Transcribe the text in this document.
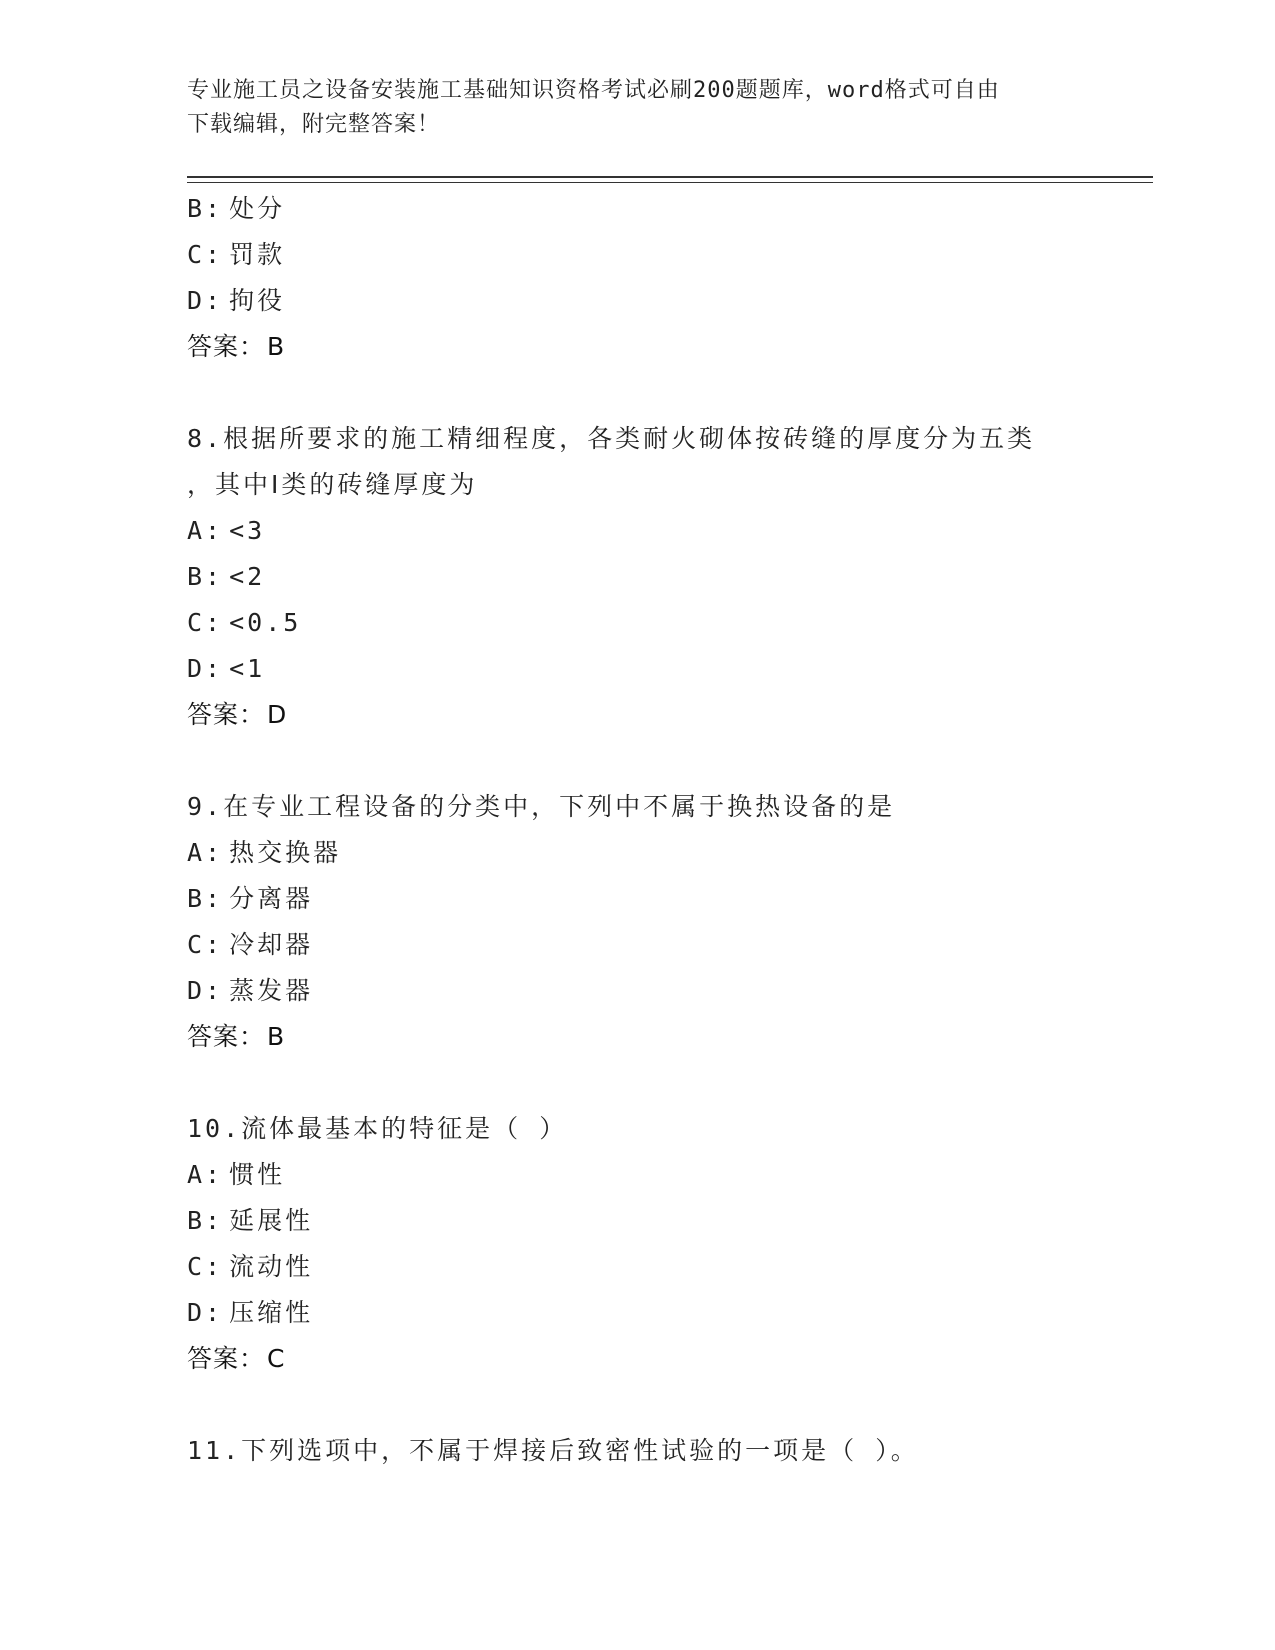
专业施工员之设备安装施工基础知识资格考试必刷200题题库，word格式可自由
下载编辑，附完整答案！
B: 处分
C: 罚款
D: 拘役
答案：B
8.根据所要求的施工精细程度，各类耐火砌体按砖缝的厚度分为五类
，其中Ⅰ类的砖缝厚度为
A: <3
B: <2
C: <0.5
D: <1
答案：D
9.在专业工程设备的分类中，下列中不属于换热设备的是
A: 热交换器
B: 分离器
C: 冷却器
D: 蒸发器
答案：B
10.流体最基本的特征是（ ）
A: 惯性
B: 延展性
C: 流动性
D: 压缩性
答案：C
11.下列选项中，不属于焊接后致密性试验的一项是（ ）。
